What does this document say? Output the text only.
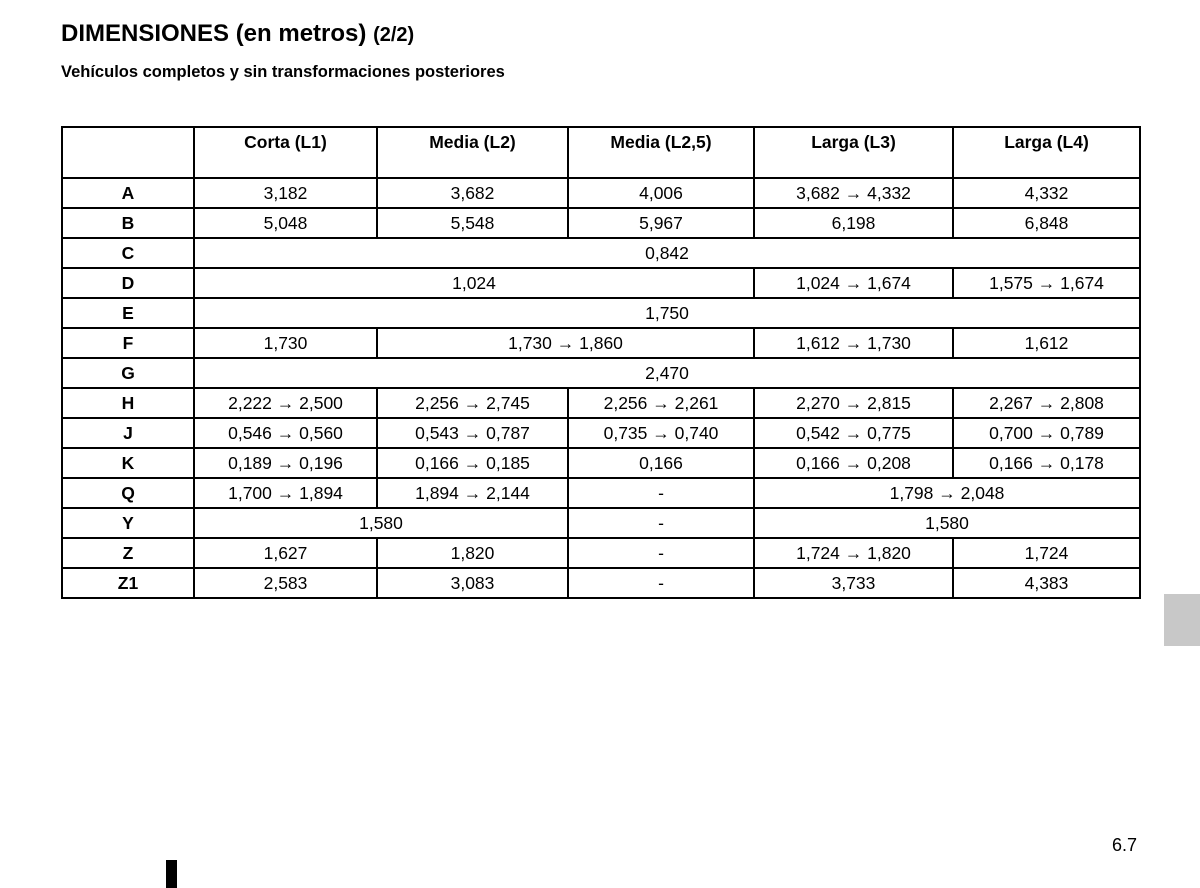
DIMENSIONES (en metros) (2/2)
Vehículos completos y sin transformaciones posteriores
	Corta (L1)	Media (L2)	Media (L2,5)	Larga (L3)	Larga (L4)
A	3,182	3,682	4,006	3,682 → 4,332	4,332
B	5,048	5,548	5,967	6,198	6,848
C	0,842				
D	1,024			1,024 → 1,674	1,575 → 1,674
E	1,750				
F	1,730	1,730 → 1,860		1,612 → 1,730	1,612
G	2,470				
H	2,222 → 2,500	2,256 → 2,745	2,256 → 2,261	2,270 → 2,815	2,267 → 2,808
J	0,546 → 0,560	0,543 → 0,787	0,735 → 0,740	0,542 → 0,775	0,700 → 0,789
K	0,189 → 0,196	0,166 → 0,185	0,166	0,166 → 0,208	0,166 → 0,178
Q	1,700 → 1,894	1,894 → 2,144	-	1,798 → 2,048	
Y	1,580		-	1,580	
Z	1,627	1,820	-	1,724 → 1,820	1,724
Z1	2,583	3,083	-	3,733	4,383
6.7
